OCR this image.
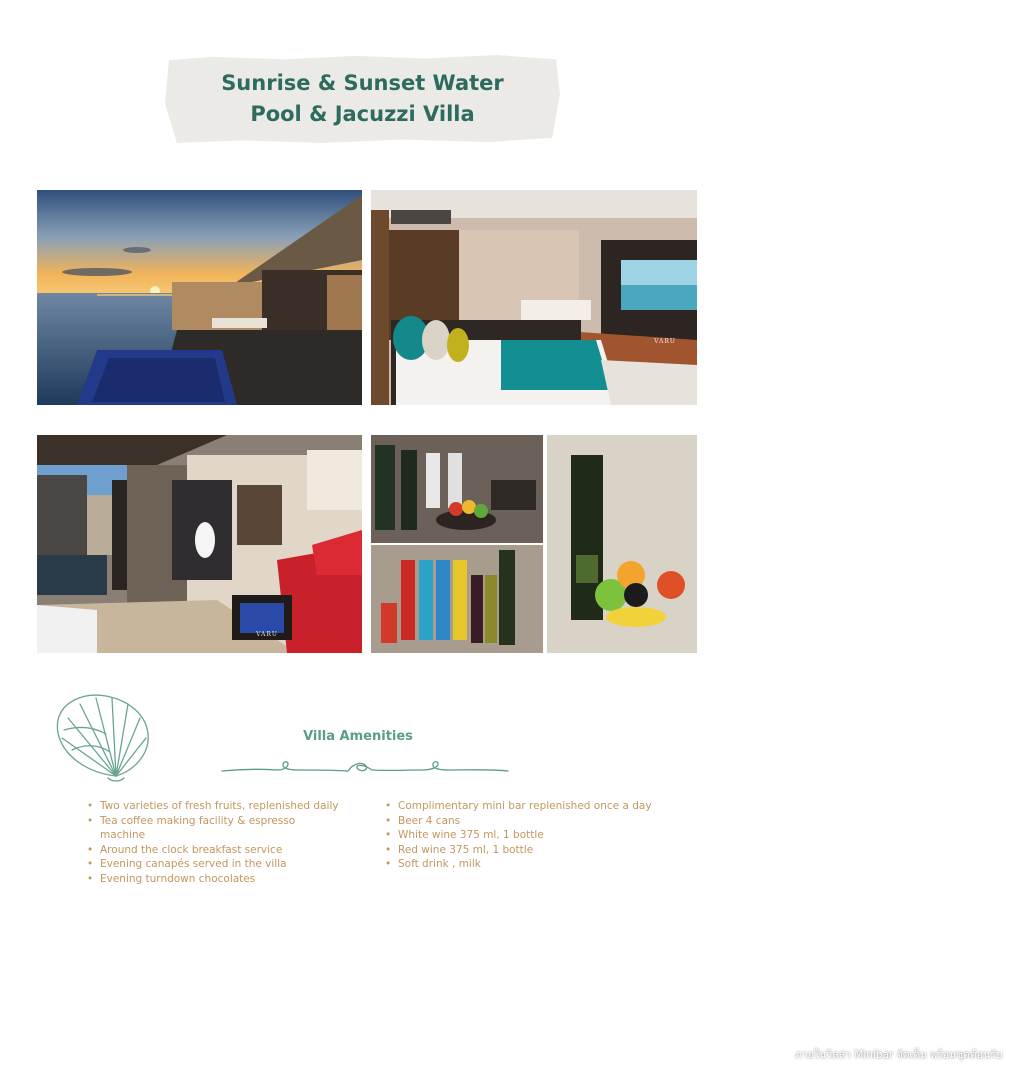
Sunrise & Sunset Water
Pool & Jacuzzi Villa
VARU
VARU
ภายในวิลล่า Minibar จัดเต็ม พร้อมชุดต้อนรับ
Villa Amenities
• Two varieties of fresh fruits, replenished daily
• Tea coffee making facility & espresso machine
• Around the clock breakfast service
• Evening canapés served in the villa
• Evening turndown chocolates
• Complimentary mini bar replenished once a day
• Beer 4 cans
• White wine 375 ml, 1 bottle
• Red wine 375 ml, 1 bottle
• Soft drink , milk
